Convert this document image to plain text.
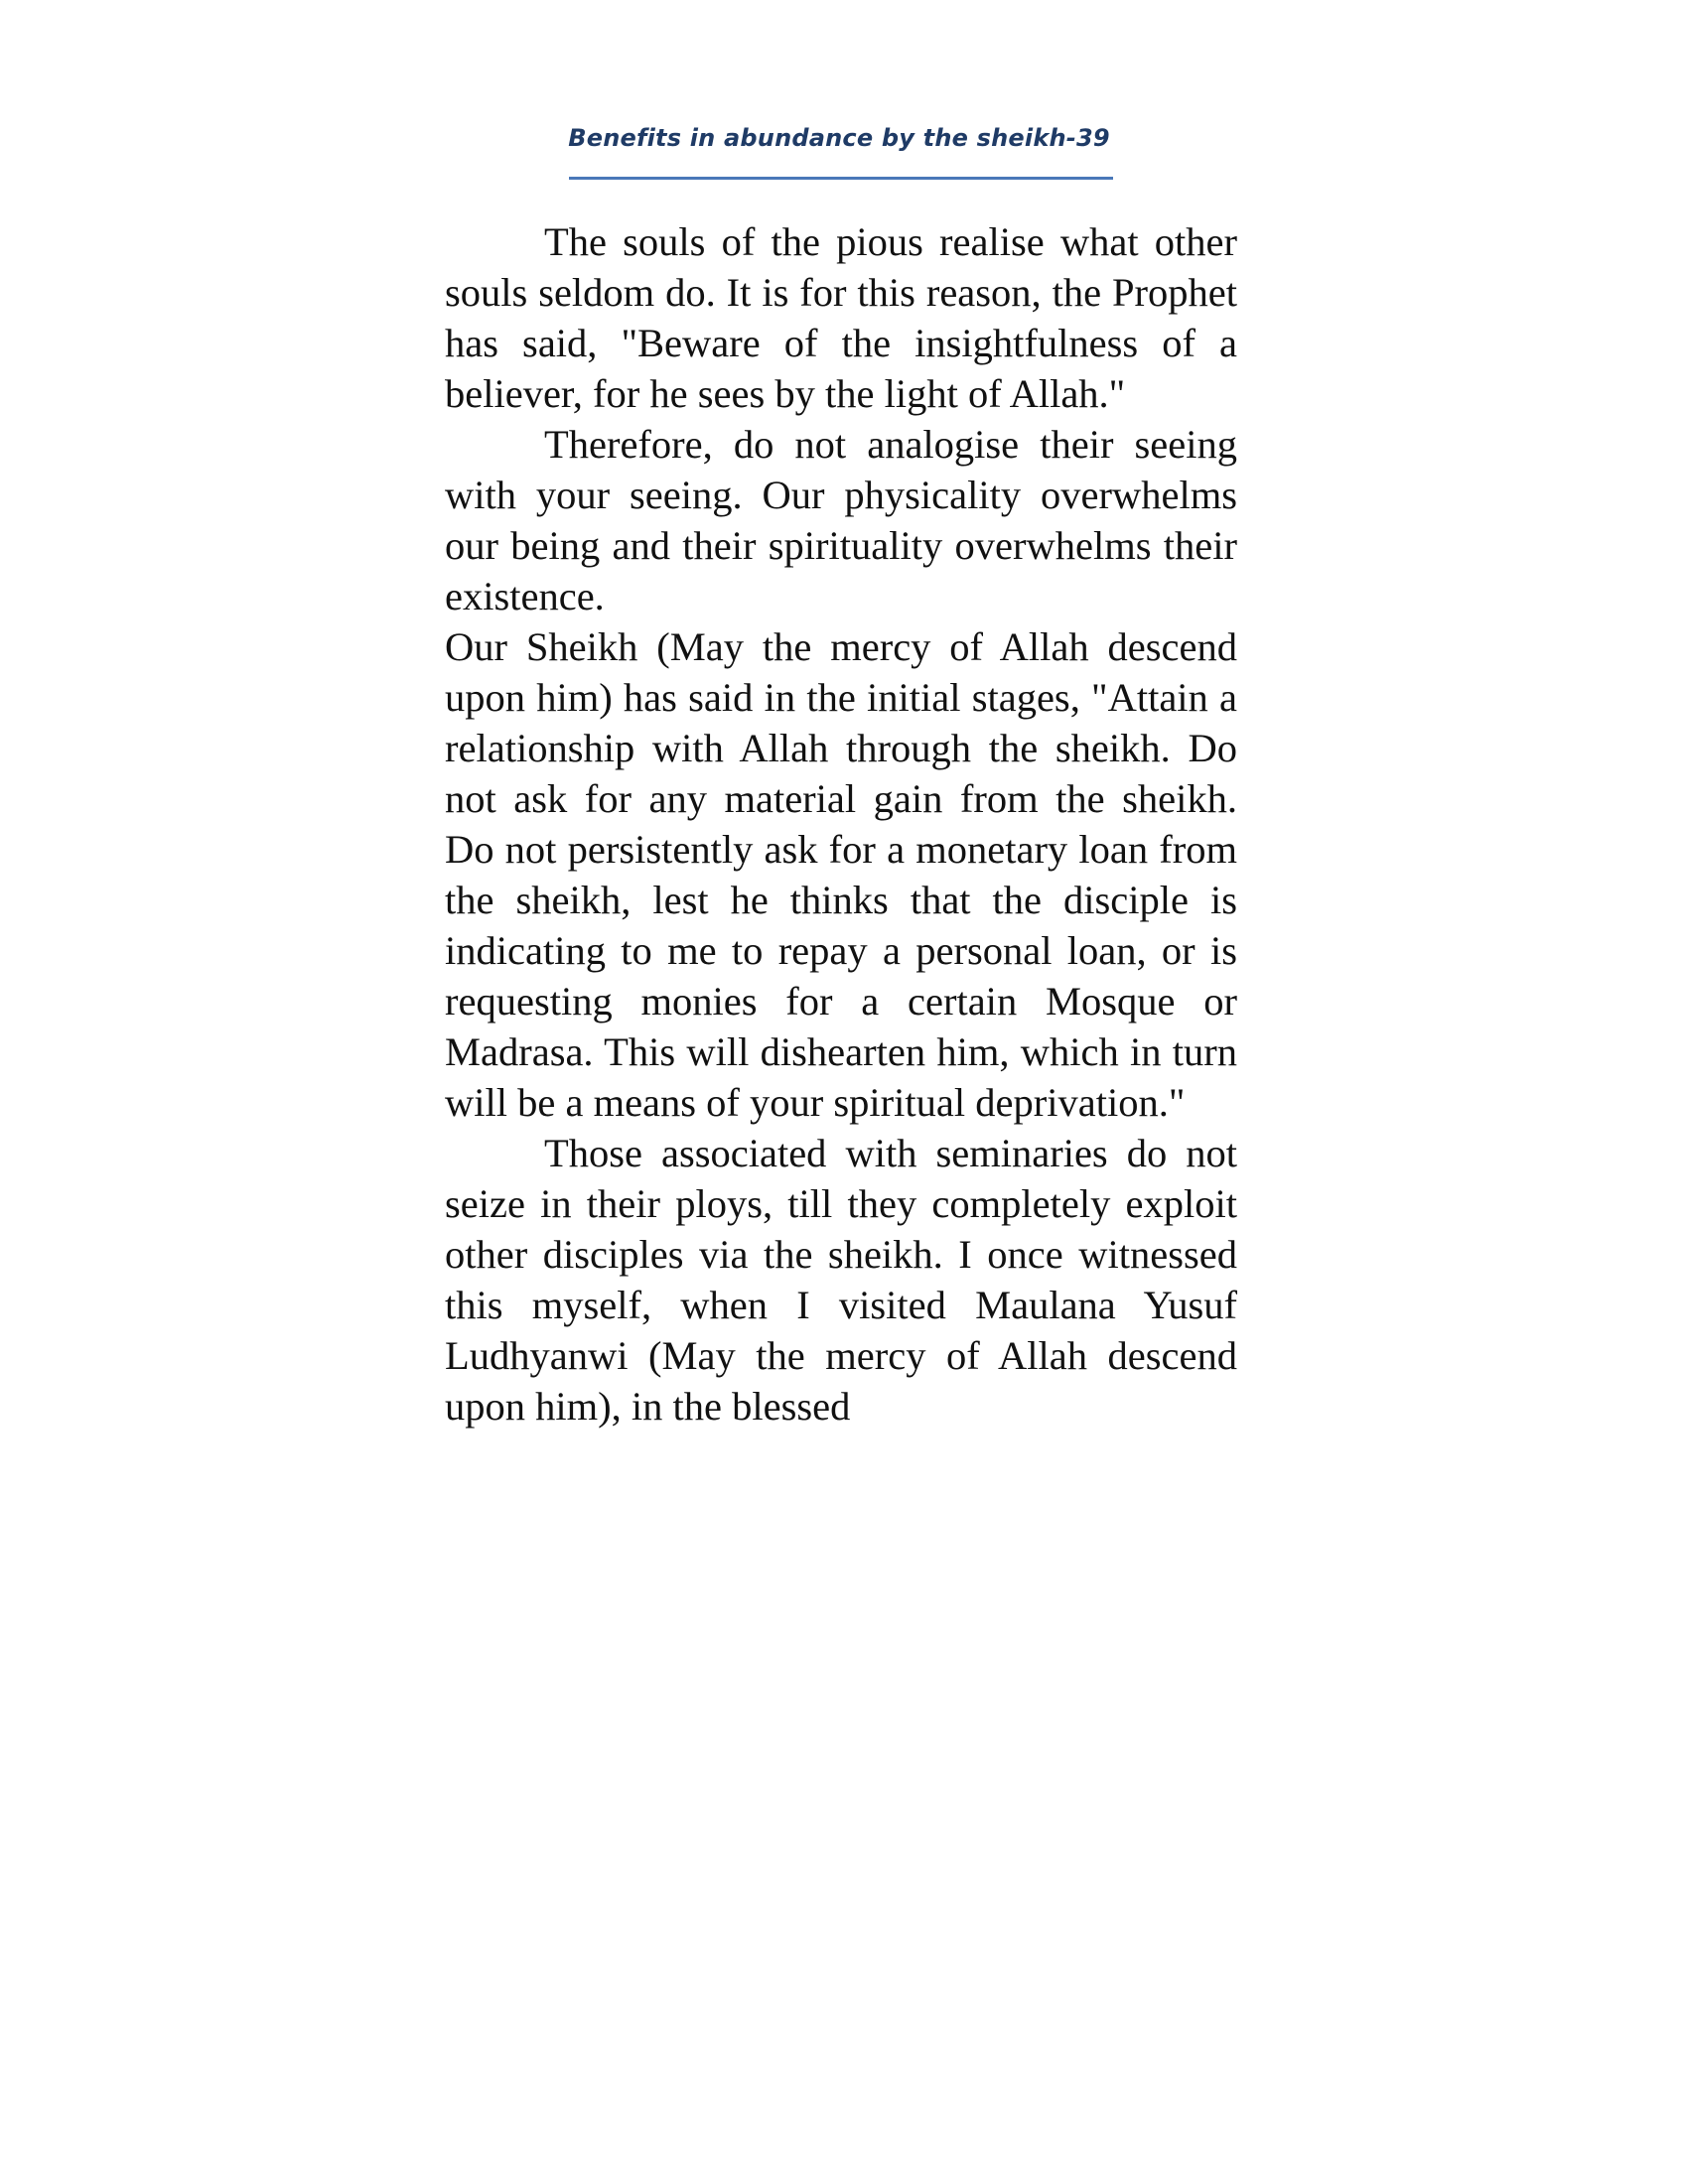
Benefits in abundance by the sheikh-39

The souls of the pious realise what other souls seldom do. It is for this reason, the Prophet has said, "Beware of the insightfulness of a believer, for he sees by the light of Allah."

Therefore, do not analogise their seeing with your seeing. Our physicality overwhelms our being and their spirituality overwhelms their existence.

Our Sheikh (May the mercy of Allah descend upon him) has said in the initial stages, "Attain a relationship with Allah through the sheikh. Do not ask for any material gain from the sheikh. Do not persistently ask for a monetary loan from the sheikh, lest he thinks that the disciple is indicating to me to repay a personal loan, or is requesting monies for a certain Mosque or Madrasa. This will dishearten him, which in turn will be a means of your spiritual deprivation."

Those associated with seminaries do not seize in their ploys, till they completely exploit other disciples via the sheikh. I once witnessed this myself, when I visited Maulana Yusuf Ludhyanwi (May the mercy of Allah descend upon him), in the blessed
